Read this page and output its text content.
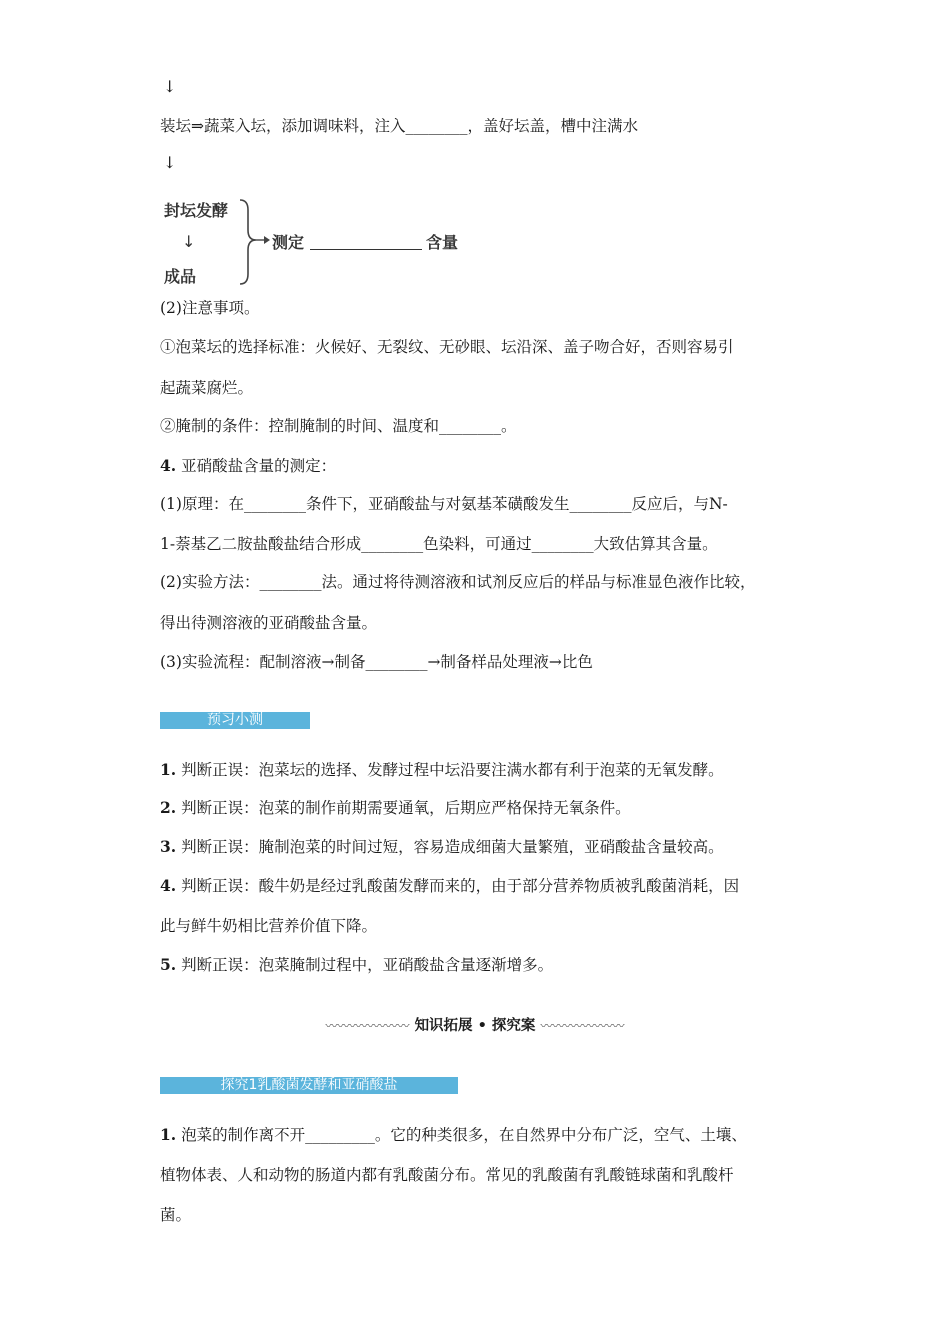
↓
装坛⇒蔬菜入坛，添加调味料，注入________，盖好坛盖，槽中注满水
↓
封坛发酵
↓
成品
测定	含量
(2)注意事项。
①泡菜坛的选择标准：火候好、无裂纹、无砂眼、坛沿深、盖子吻合好，否则容易引
起蔬菜腐烂。
②腌制的条件：控制腌制的时间、温度和________。
4. 亚硝酸盐含量的测定：
(1)原理：在________条件下，亚硝酸盐与对氨基苯磺酸发生________反应后，与N-
1-萘基乙二胺盐酸盐结合形成________色染料，可通过________大致估算其含量。
(2)实验方法：________法。通过将待测溶液和试剂反应后的样品与标准显色液作比较，
得出待测溶液的亚硝酸盐含量。
(3)实验流程：配制溶液→制备________→制备样品处理液→比色
预习小测
1. 判断正误：泡菜坛的选择、发酵过程中坛沿要注满水都有利于泡菜的无氧发酵。
2. 判断正误：泡菜的制作前期需要通氧，后期应严格保持无氧条件。
3. 判断正误：腌制泡菜的时间过短，容易造成细菌大量繁殖，亚硝酸盐含量较高。
4. 判断正误：酸牛奶是经过乳酸菌发酵而来的，由于部分营养物质被乳酸菌消耗，因
此与鲜牛奶相比营养价值下降。
5. 判断正误：泡菜腌制过程中，亚硝酸盐含量逐渐增多。
〰〰〰〰〰〰〰 知识拓展 • 探究案 〰〰〰〰〰〰〰
探究1乳酸菌发酵和亚硝酸盐
1. 泡菜的制作离不开_________。它的种类很多，在自然界中分布广泛，空气、土壤、
植物体表、人和动物的肠道内都有乳酸菌分布。常见的乳酸菌有乳酸链球菌和乳酸杆
菌。
